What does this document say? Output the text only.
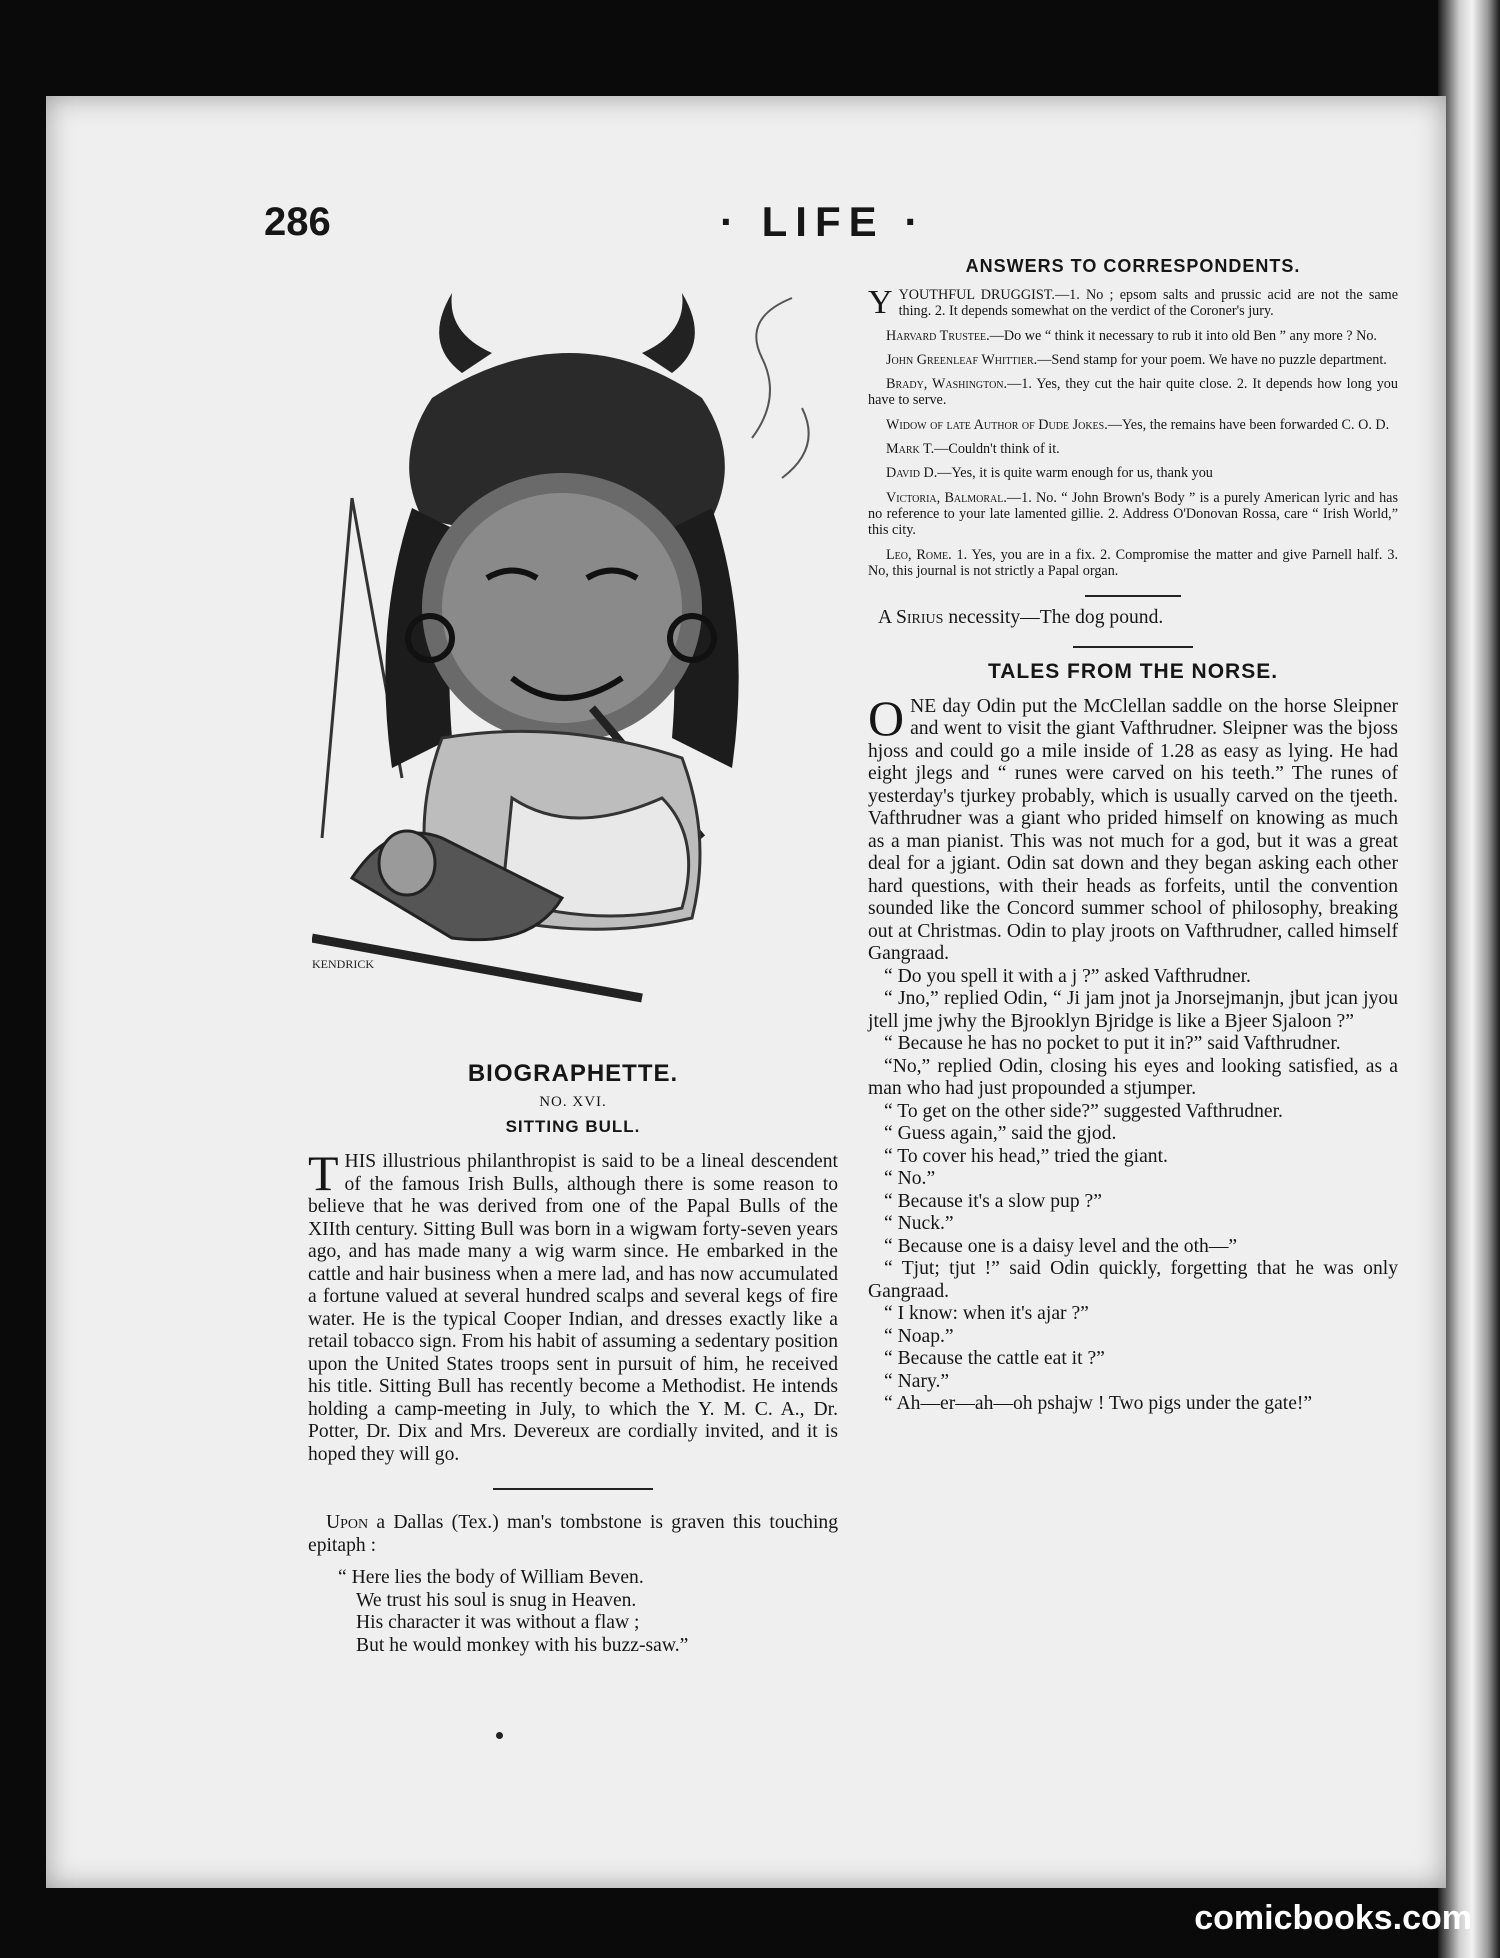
286	· LIFE ·
KENDRICK
BIOGRAPHETTE.
NO. XVI.
SITTING BULL.

THIS illustrious philanthropist is said to be a lineal descendent of the famous Irish Bulls, although there is some reason to believe that he was derived from one of the Papal Bulls of the XIIth century. Sitting Bull was born in a wigwam forty-seven years ago, and has made many a wig warm since. He embarked in the cattle and hair business when a mere lad, and has now accumulated a fortune valued at several hundred scalps and several kegs of fire water. He is the typical Cooper Indian, and dresses exactly like a retail tobacco sign. From his habit of assuming a sedentary position upon the United States troops sent in pursuit of him, he received his title. Sitting Bull has recently become a Methodist. He intends holding a camp-meeting in July, to which the Y. M. C. A., Dr. Potter, Dr. Dix and Mrs. Devereux are cordially invited, and it is hoped they will go.

Upon a Dallas (Tex.) man's tombstone is graven this touching epitaph :

“ Here lies the body of William Beven.
We trust his soul is snug in Heaven.
His character it was without a flaw ;
But he would monkey with his buzz-saw.”
ANSWERS TO CORRESPONDENTS.

YYOUTHFUL DRUGGIST.—1. No ; epsom salts and prussic acid are not the same thing. 2. It depends somewhat on the verdict of the Coroner's jury.

Harvard Trustee.—Do we “ think it necessary to rub it into old Ben ” any more ? No.

John Greenleaf Whittier.—Send stamp for your poem. We have no puzzle department.

Brady, Washington.—1. Yes, they cut the hair quite close. 2. It depends how long you have to serve.

Widow of late Author of Dude Jokes.—Yes, the remains have been forwarded C. O. D.

Mark T.—Couldn't think of it.

David D.—Yes, it is quite warm enough for us, thank you

Victoria, Balmoral.—1. No. “ John Brown's Body ” is a purely American lyric and has no reference to your late lamented gillie. 2. Address O'Donovan Rossa, care “ Irish World,” this city.

Leo, Rome. 1. Yes, you are in a fix. 2. Compromise the matter and give Parnell half. 3. No, this journal is not strictly a Papal organ.

A Sirius necessity—The dog pound.

TALES FROM THE NORSE.

ONE day Odin put the McClellan saddle on the horse Sleipner and went to visit the giant Vafthrudner. Sleipner was the bjoss hjoss and could go a mile inside of 1.28 as easy as lying. He had eight jlegs and “ runes were carved on his teeth.” The runes of yesterday's tjurkey probably, which is usually carved on the tjeeth. Vafthrudner was a giant who prided himself on knowing as much as a man pianist. This was not much for a god, but it was a great deal for a jgiant. Odin sat down and they began asking each other hard questions, with their heads as forfeits, until the convention sounded like the Concord summer school of philosophy, breaking out at Christmas. Odin to play jroots on Vafthrudner, called himself Gangraad.

“ Do you spell it with a j ?” asked Vafthrudner.

“ Jno,” replied Odin, “ Ji jam jnot ja Jnorsejmanjn, jbut jcan jyou jtell jme jwhy the Bjrooklyn Bjridge is like a Bjeer Sjaloon ?”

“ Because he has no pocket to put it in?” said Vafthrudner.

“No,” replied Odin, closing his eyes and looking satisfied, as a man who had just propounded a stjumper.

“ To get on the other side?” suggested Vafthrudner.

“ Guess again,” said the gjod.

“ To cover his head,” tried the giant.

“ No.”

“ Because it's a slow pup ?”

“ Nuck.”

“ Because one is a daisy level and the oth—”

“ Tjut; tjut !” said Odin quickly, forgetting that he was only Gangraad.

“ I know: when it's ajar ?”

“ Noap.”

“ Because the cattle eat it ?”

“ Nary.”

“ Ah—er—ah—oh pshajw ! Two pigs under the gate!”

comicbooks.com
